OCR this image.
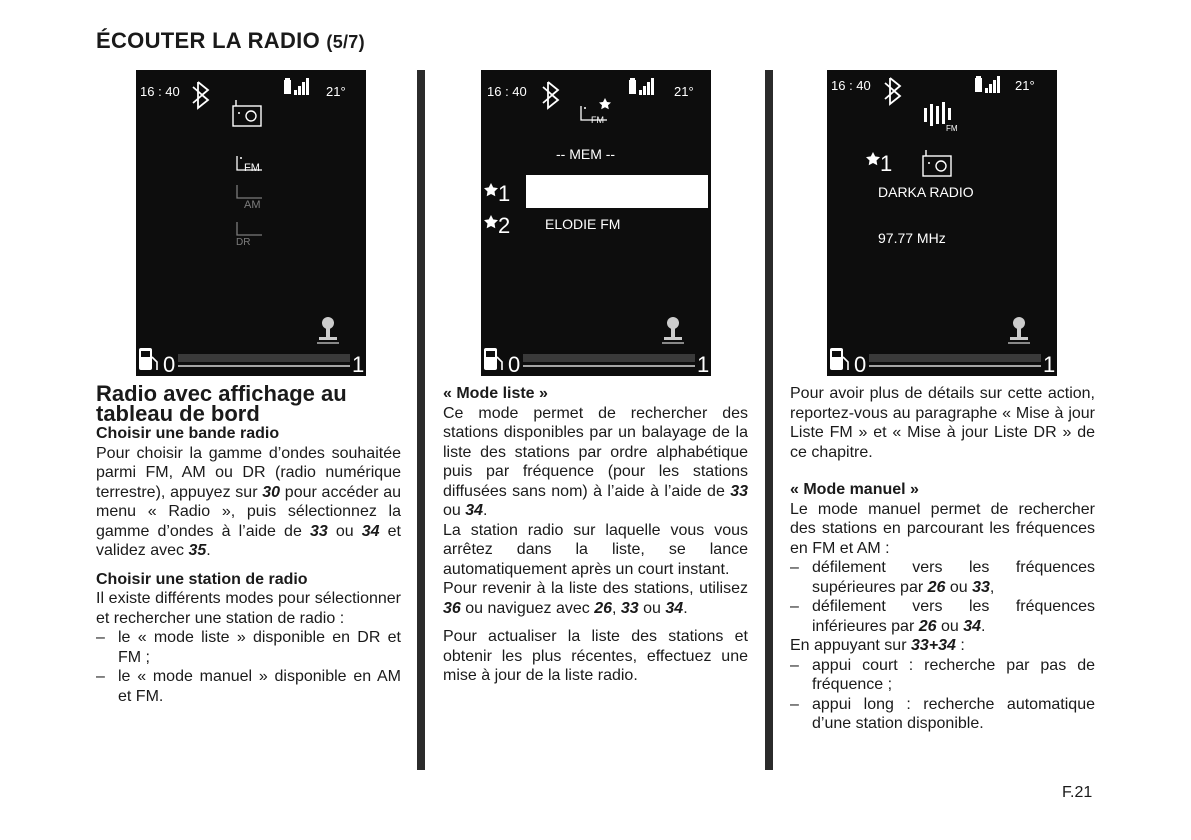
ÉCOUTER LA RADIO (5/7)
16 : 40	21°
FM
AM
DR
0	1
16 : 40	21°
FM
-- MEM --
1
2 ELODIE FM
0	1
16 : 40	21°
FM
1
DARKA RADIO
97.77 MHz
0	1
Radio avec affichage au tableau de bord

Choisir une bande radio

Pour choisir la gamme d’ondes souhaitée parmi FM, AM ou DR (radio numérique terrestre), appuyez sur 30 pour accéder au menu « Radio », puis sélectionnez la gamme d’ondes à l’aide de 33 ou 34 et validez avec 35.

Choisir une station de radio

Il existe différents modes pour sélectionner et rechercher une station de radio :

– le « mode liste » disponible en DR et FM ;
– le « mode manuel » disponible en AM et FM.

« Mode liste »

Ce mode permet de rechercher des stations disponibles par un balayage de la liste des stations par ordre alphabétique puis par fréquence (pour les stations diffusées sans nom) à l’aide à l’aide de 33 ou 34.

La station radio sur laquelle vous vous arrêtez dans la liste, se lance automatiquement après un court instant.

Pour revenir à la liste des stations, utilisez 36 ou naviguez avec 26, 33 ou 34.

Pour actualiser la liste des stations et obtenir les plus récentes, effectuez une mise à jour de la liste radio.

Pour avoir plus de détails sur cette action, reportez-vous au paragraphe « Mise à jour Liste FM » et « Mise à jour Liste DR » de ce chapitre.

« Mode manuel »

Le mode manuel permet de rechercher des stations en parcourant les fréquences en FM et AM :

– défilement vers les fréquences supérieures par 26 ou 33,
– défilement vers les fréquences inférieures par 26 ou 34.

En appuyant sur 33+34 :

– appui court : recherche par pas de fréquence ;
– appui long : recherche automatique d’une station disponible.
F.21
